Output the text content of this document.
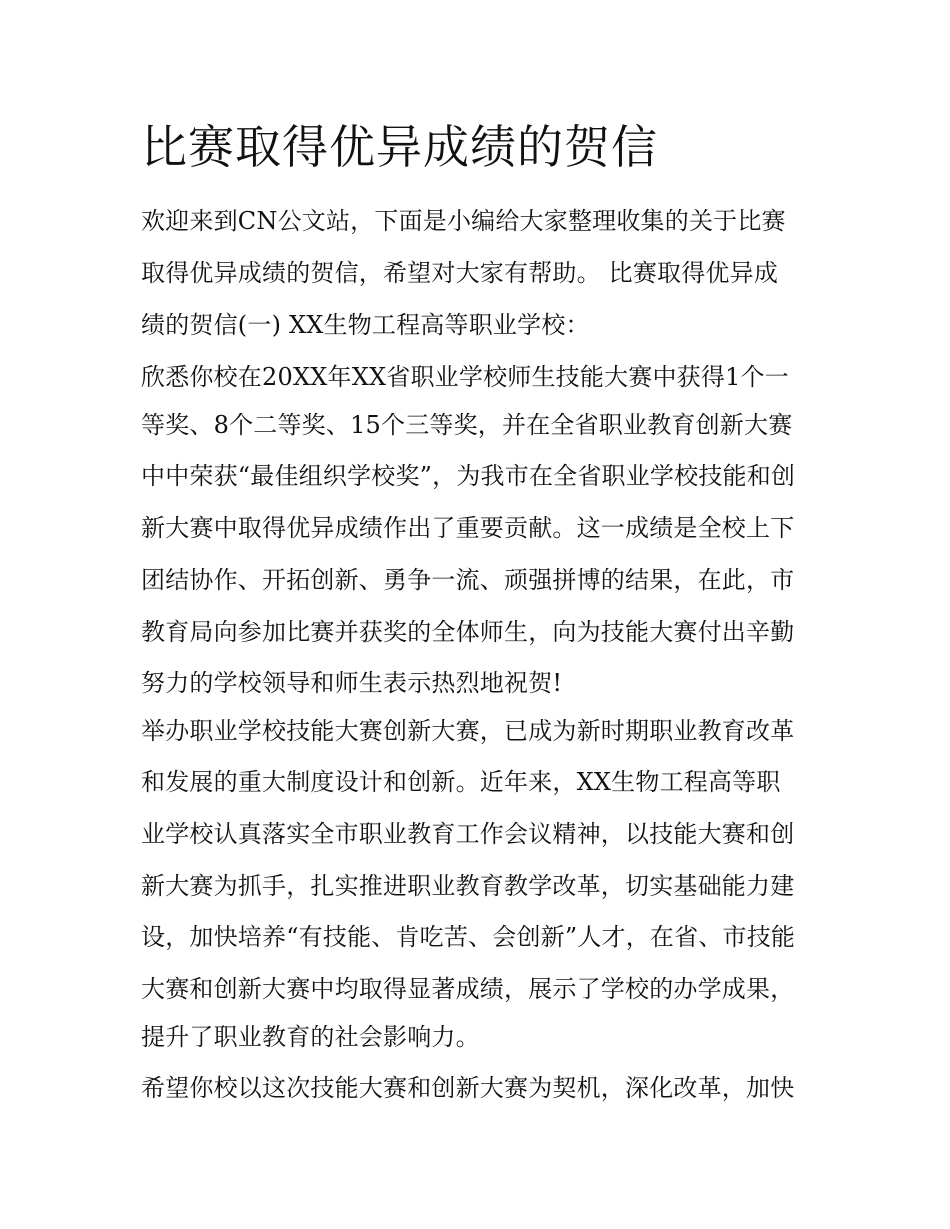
比赛取得优异成绩的贺信
欢迎来到CN公文站，下面是小编给大家整理收集的关于比赛
取得优异成绩的贺信，希望对大家有帮助。 比赛取得优异成
绩的贺信(一) XX生物工程高等职业学校：
欣悉你校在20XX年XX省职业学校师生技能大赛中获得1个一
等奖、8个二等奖、15个三等奖，并在全省职业教育创新大赛
中中荣获“最佳组织学校奖”，为我市在全省职业学校技能和创
新大赛中取得优异成绩作出了重要贡献。这一成绩是全校上下
团结协作、开拓创新、勇争一流、顽强拼博的结果，在此，市
教育局向参加比赛并获奖的全体师生，向为技能大赛付出辛勤
努力的学校领导和师生表示热烈地祝贺!
举办职业学校技能大赛创新大赛，已成为新时期职业教育改革
和发展的重大制度设计和创新。近年来，XX生物工程高等职
业学校认真落实全市职业教育工作会议精神，以技能大赛和创
新大赛为抓手，扎实推进职业教育教学改革，切实基础能力建
设，加快培养“有技能、肯吃苦、会创新”人才，在省、市技能
大赛和创新大赛中均取得显著成绩，展示了学校的办学成果，
提升了职业教育的社会影响力。
希望你校以这次技能大赛和创新大赛为契机，深化改革，加快
